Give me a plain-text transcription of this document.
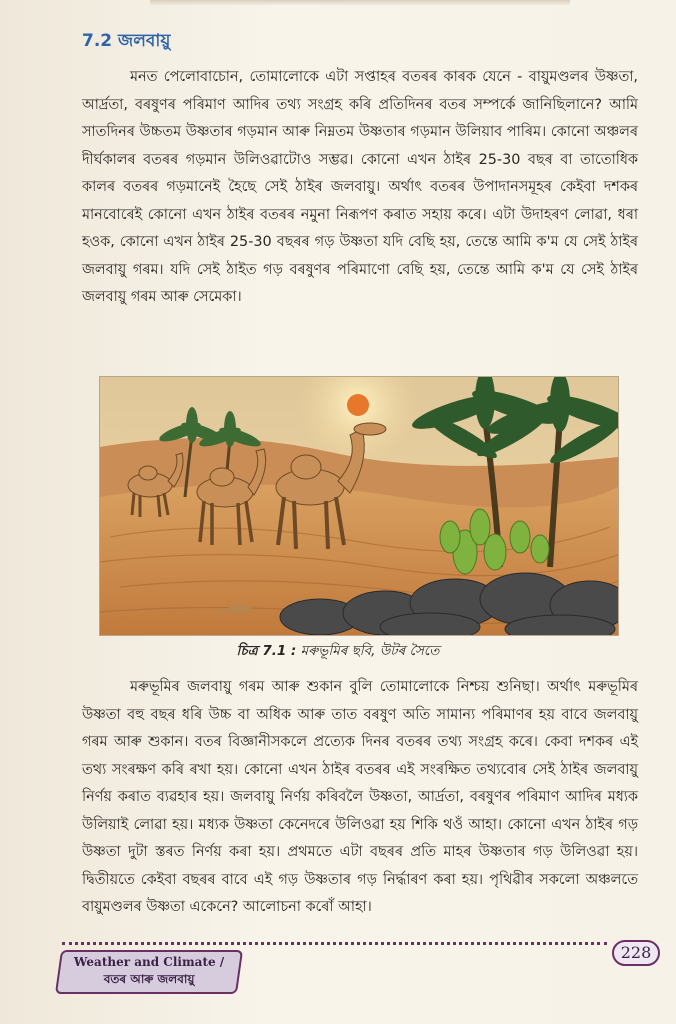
7.2 জলবায়ু

মনত পেলোবাচোন, তোমালোকে এটা সপ্তাহৰ বতৰৰ কাৰক যেনে - বায়ুমণ্ডলৰ উষ্ণতা, আৰ্দ্ৰতা, বৰষুণৰ পৰিমাণ আদিৰ তথ্য সংগ্ৰহ কৰি প্ৰতিদিনৰ বতৰ সম্পৰ্কে জানিছিলানে? আমি সাতদিনৰ উচ্চতম উষ্ণতাৰ গড়মান আৰু নিম্নতম উষ্ণতাৰ গড়মান উলিয়াব পাৰিম। কোনো অঞ্চলৰ দীৰ্ঘকালৰ বতৰৰ গড়মান উলিওৱাটোও সম্ভৱ। কোনো এখন ঠাইৰ 25-30 বছৰ বা তাতোধিক কালৰ বতৰৰ গড়মানেই হৈছে সেই ঠাইৰ জলবায়ু। অৰ্থাৎ বতৰৰ উপাদানসমূহৰ কেইবা দশকৰ মানবোৰেই কোনো এখন ঠাইৰ বতৰৰ নমুনা নিৰূপণ কৰাত সহায় কৰে। এটা উদাহৰণ লোৱা, ধৰা হওক, কোনো এখন ঠাইৰ 25-30 বছৰৰ গড় উষ্ণতা যদি বেছি হয়, তেন্তে আমি ক'ম যে সেই ঠাইৰ জলবায়ু গৰম। যদি সেই ঠাইত গড় বৰষুণৰ পৰিমাণো বেছি হয়, তেন্তে আমি ক'ম যে সেই ঠাইৰ জলবায়ু গৰম আৰু সেমেকা।

চিত্ৰ 7.1 : মৰুভূমিৰ ছবি, উটৰ সৈতে

মৰুভূমিৰ জলবায়ু গৰম আৰু শুকান বুলি তোমালোকে নিশ্চয় শুনিছা। অৰ্থাৎ মৰুভূমিৰ উষ্ণতা বহু বছৰ ধৰি উচ্চ বা অধিক আৰু তাত বৰষুণ অতি সামান্য পৰিমাণৰ হয় বাবে জলবায়ু গৰম আৰু শুকান। বতৰ বিজ্ঞানীসকলে প্ৰত্যেক দিনৰ বতৰৰ তথ্য সংগ্ৰহ কৰে। কেবা দশকৰ এই তথ্য সংৰক্ষণ কৰি ৰখা হয়। কোনো এখন ঠাইৰ বতৰৰ এই সংৰক্ষিত তথ্যবোৰ সেই ঠাইৰ জলবায়ু নিৰ্ণয় কৰাত ব্যৱহাৰ হয়। জলবায়ু নিৰ্ণয় কৰিবলৈ উষ্ণতা, আৰ্দ্ৰতা, বৰষুণৰ পৰিমাণ আদিৰ মধ্যক উলিয়াই লোৱা হয়। মধ্যক উষ্ণতা কেনেদৰে উলিওৱা হয় শিকি থওঁ আহা। কোনো এখন ঠাইৰ গড় উষ্ণতা দুটা স্তৰত নিৰ্ণয় কৰা হয়। প্ৰথমতে এটা বছৰৰ প্ৰতি মাহৰ উষ্ণতাৰ গড় উলিওৱা হয়। দ্বিতীয়তে কেইবা বছৰৰ বাবে এই গড় উষ্ণতাৰ গড় নিৰ্দ্ধাৰণ কৰা হয়। পৃথিৱীৰ সকলো অঞ্চলতে বায়ুমণ্ডলৰ উষ্ণতা একেনে? আলোচনা কৰোঁ আহা।

Weather and Climate /
বতৰ আৰু জলবায়ু
228
